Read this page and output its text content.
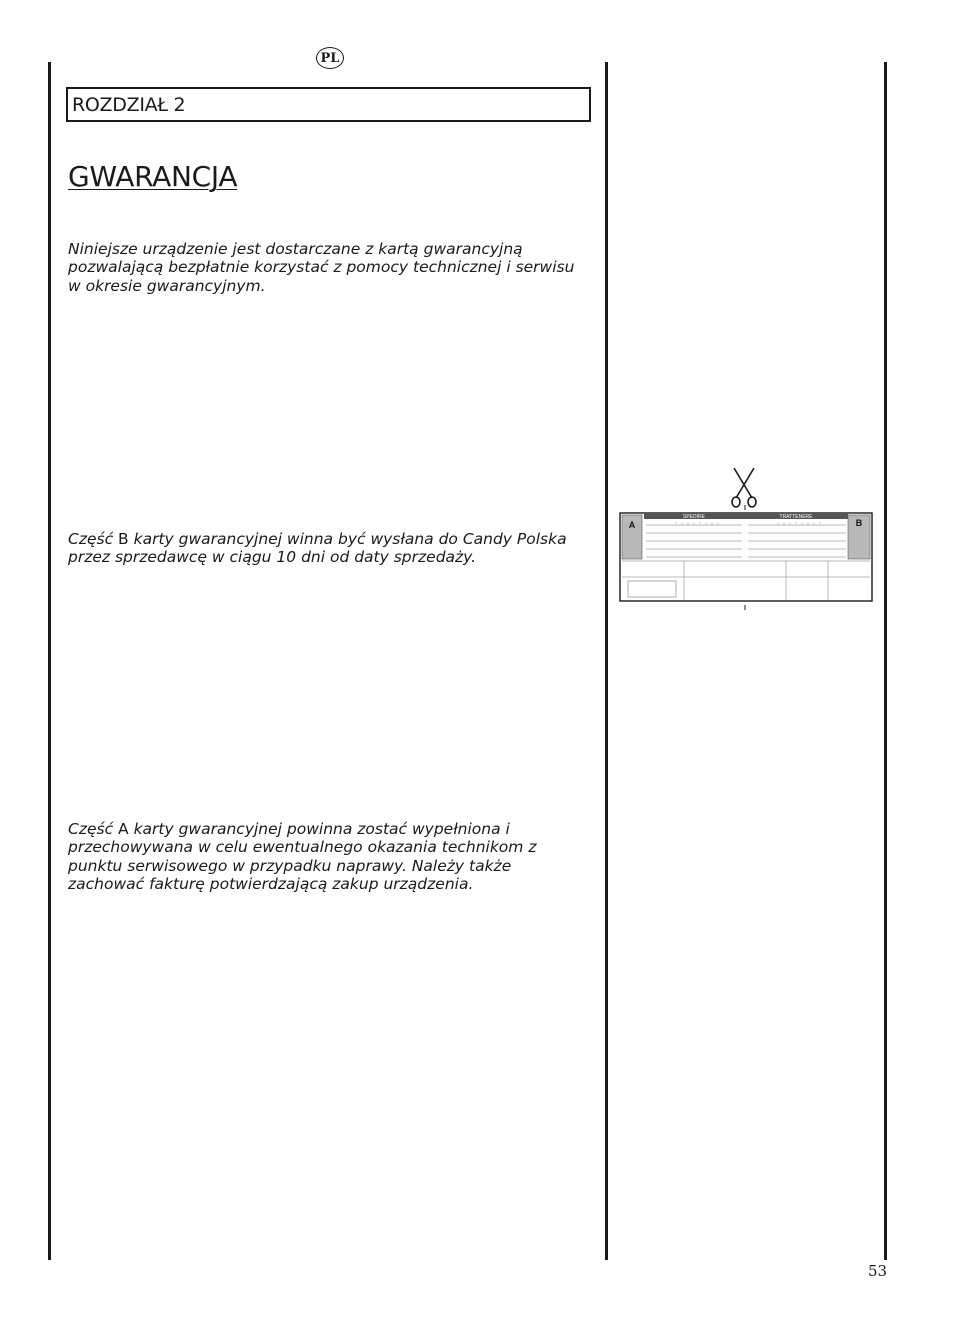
PL
ROZDZIAŁ 2
GWARANCJA

Niniejsze urządzenie jest dostarczane z kartą gwarancyjną pozwalającą bezpłatnie korzystać z pomocy technicznej i serwisu w okresie gwarancyjnym.

Część B karty gwarancyjnej winna być wysłana do Candy Polska przez sprzedawcę w ciągu 10 dni od daty sprzedaży.

Część A karty gwarancyjnej powinna zostać wypełniona i przechowywana w celu ewentualnego okazania technikom z punktu serwisowego w przypadku naprawy. Należy także zachować fakturę potwierdzającą zakup urządzenia.

A	B
SPEDIRE	TRATTENERE
53
